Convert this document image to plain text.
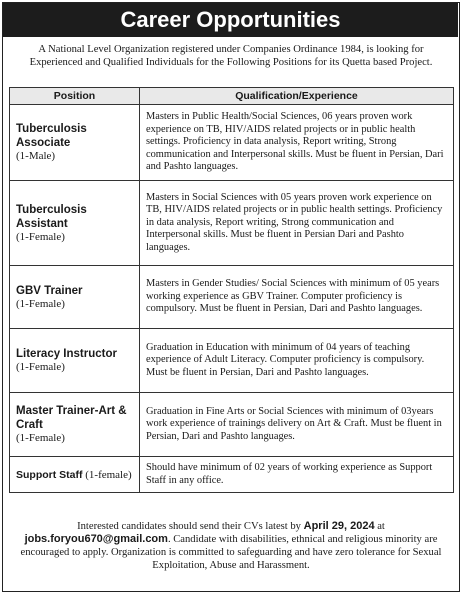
Career Opportunities
A National Level Organization registered under Companies Ordinance 1984, is looking for Experienced and Qualified Individuals for the Following Positions for its Quetta based Project.
Position	Qualification/Experience

Tuberculosis Associate
(1-Male)	Masters in Public Health/Social Sciences, 06 years proven work experience on TB, HIV/AIDS related projects or in public health settings. Proficiency in data analysis, Report writing, Strong communication and Interpersonal skills. Must be fluent in Persian, Dari and Pashto languages.

Tuberculosis Assistant
(1-Female)	Masters in Social Sciences with 05 years proven work experience on TB, HIV/AIDS related projects or in public health settings. Proficiency in data analysis, Report writing, Strong communication and Interpersonal skills. Must be fluent in Persian Dari and Pashto languages.

GBV Trainer
(1-Female)	Masters in Gender Studies/ Social Sciences with minimum of 05 years working experience as GBV Trainer. Computer proficiency is compulsory. Must be fluent in Persian, Dari and Pashto languages.

Literacy Instructor
(1-Female)	Graduation in Education with minimum of 04 years of teaching experience of Adult Literacy. Computer proficiency is compulsory. Must be fluent in Persian, Dari and Pashto languages.

Master Trainer-Art & Craft
(1-Female)	Graduation in Fine Arts or Social Sciences with minimum of 03years work experience of trainings delivery on Art & Craft. Must be fluent in Persian, Dari and Pashto languages.
Support Staff (1-female)	Should have minimum of 02 years of working experience as Support Staff in any office.
Interested candidates should send their CVs latest by April 29, 2024 at jobs.foryou670@gmail.com. Candidate with disabilities, ethnical and religious minority are encouraged to apply. Organization is committed to safeguarding and have zero tolerance for Sexual Exploitation, Abuse and Harassment.
